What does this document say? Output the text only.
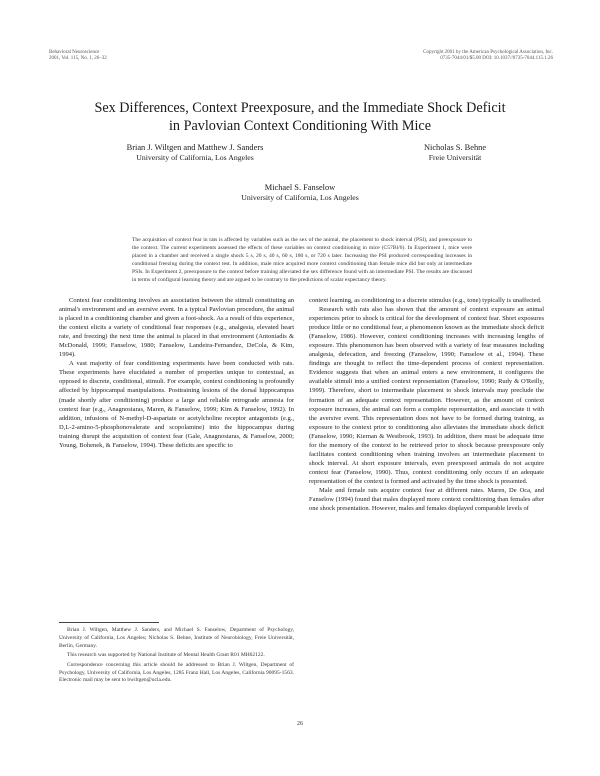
Behavioral Neuroscience
2001, Vol. 115, No. 1, 26–32
Copyright 2001 by the American Psychological Association, Inc.
0735-7044/01/$5.00 DOI: 10.1037//0735-7044.115.1.26
Sex Differences, Context Preexposure, and the Immediate Shock Deficit
in Pavlovian Context Conditioning With Mice
Brian J. Wiltgen and Matthew J. Sanders
University of California, Los Angeles
Nicholas S. Behne
Freie Universität
Michael S. Fanselow
University of California, Los Angeles
The acquisition of context fear in rats is affected by variables such as the sex of the animal, the placement to shock interval (PSI), and preexposure to the context. The current experiments assessed the effects of these variables on context conditioning in mice (C57Bl/6). In Experiment 1, mice were placed in a chamber and received a single shock 5 s, 20 s, 40 s, 60 s, 180 s, or 720 s later. Increasing the PSI produced corresponding increases in conditional freezing during the context test. In addition, male mice acquired more context conditioning than female mice did but only at intermediate PSIs. In Experiment 2, preexposure to the context before training alleviated the sex difference found with an intermediate PSI. The results are discussed in terms of configural learning theory and are argued to be contrary to the predictions of scalar expectancy theory.

Context fear conditioning involves an association between the stimuli constituting an animal's environment and an aversive event. In a typical Pavlovian procedure, the animal is placed in a conditioning chamber and given a foot-shock. As a result of this experience, the context elicits a variety of conditional fear responses (e.g., analgesia, elevated heart rate, and freezing) the next time the animal is placed in that environment (Antoniadis & McDonald, 1999; Fanselow, 1980; Fanselow, Landeira-Fernandez, DeCola, & Kim, 1994).

A vast majority of fear conditioning experiments have been conducted with rats. These experiments have elucidated a number of properties unique to contextual, as opposed to discrete, conditional, stimuli. For example, context conditioning is profoundly affected by hippocampal manipulations. Posttraining lesions of the dorsal hippocampus (made shortly after conditioning) produce a large and reliable retrograde amnesia for context fear (e.g., Anagnostaras, Maren, & Fanselow, 1999; Kim & Fanselow, 1992). In addition, infusions of N-methyl-D-aspartate or acetylcholine receptor antagonists (e.g., D,L-2-amino-5-phosphonovalerate and scopolamine) into the hippocampus during training disrupt the acquisition of context fear (Gale, Anagnostaras, & Fanselow, 2000; Young, Bohenek, & Fanselow, 1994). These deficits are specific to

context learning, as conditioning to a discrete stimulus (e.g., tone) typically is unaffected.

Research with rats also has shown that the amount of context exposure an animal experiences prior to shock is critical for the development of context fear. Short exposures produce little or no conditional fear, a phenomenon known as the immediate shock deficit (Fanselow, 1986). However, context conditioning increases with increasing lengths of exposure. This phenomenon has been observed with a variety of fear measures including analgesia, defecation, and freezing (Fanselow, 1990; Fanselow et al., 1994). These findings are thought to reflect the time-dependent process of context representation. Evidence suggests that when an animal enters a new environment, it configures the available stimuli into a unified context representation (Fanselow, 1990; Rudy & O'Reilly, 1999). Therefore, short to intermediate placement to shock intervals may preclude the formation of an adequate context representation. However, as the amount of context exposure increases, the animal can form a complete representation, and associate it with the aversive event. This representation does not have to be formed during training, as exposure to the context prior to conditioning also alleviates the immediate shock deficit (Fanselow, 1990; Kiernan & Westbrook, 1993). In addition, there must be adequate time for the memory of the context to be retrieved prior to shock because preexposure only facilitates context conditioning when training involves an intermediate placement to shock interval. At short exposure intervals, even preexposed animals do not acquire context fear (Fanselow, 1990). Thus, context conditioning only occurs if an adequate representation of the context is formed and activated by the time shock is presented.

Male and female rats acquire context fear at different rates. Maren, De Oca, and Fanselow (1994) found that males displayed more context conditioning than females after one shock presentation. However, males and females displayed comparable levels of

Brian J. Wiltgen, Matthew J. Sanders, and Michael S. Fanselow, Department of Psychology, University of California, Los Angeles; Nicholas S. Behne, Institute of Neurobiology, Freie Universität, Berlin, Germany.

This research was supported by National Institute of Mental Health Grant R01 MH62122.

Correspondence concerning this article should be addressed to Brian J. Wiltgen, Department of Psychology, University of California, Los Angeles, 1285 Franz Hall, Los Angeles, California 90095-1563. Electronic mail may be sent to bwiltgen@ucla.edu.

26
